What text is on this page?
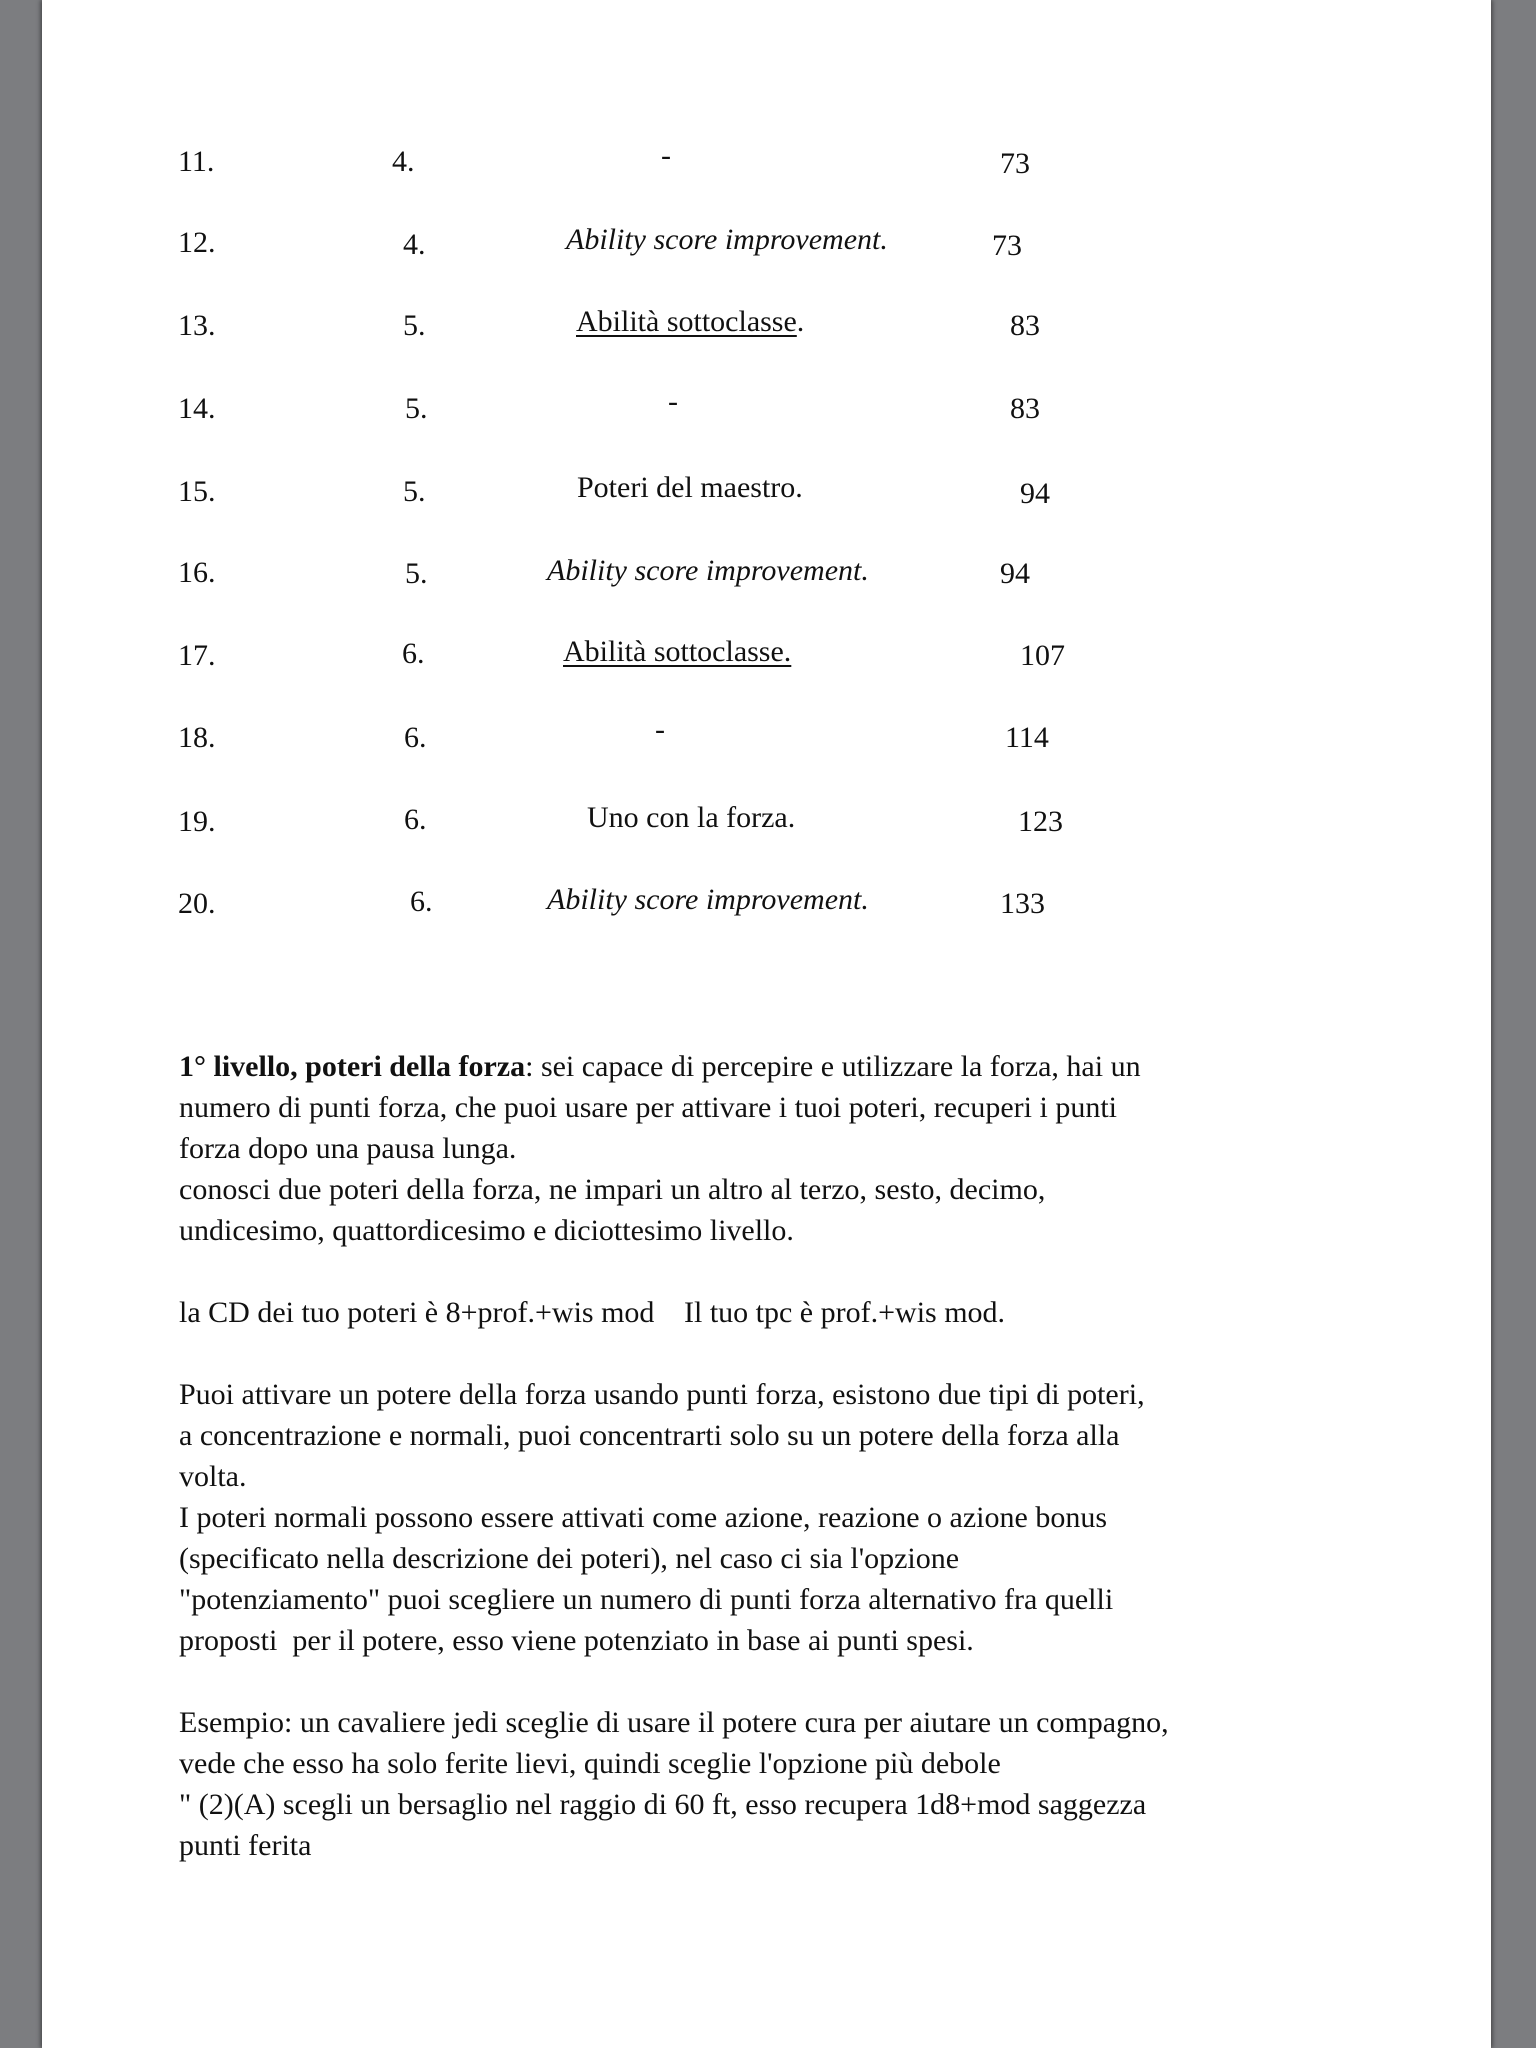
11.	4.	-	73
12.	4.	Ability score improvement.	73
13.	5.	Abilità sottoclasse.	83
14.	5.	-	83
15.	5.	Poteri del maestro.	94
16.	5.	Ability score improvement.	94
17.	6.	Abilità sottoclasse.	107
18.	6.	-	114
19.	6.	Uno con la forza.	123
20.	6.	Ability score improvement.	133

1° livello, poteri della forza: sei capace di percepire e utilizzare la forza, hai un
numero di punti forza, che puoi usare per attivare i tuoi poteri, recuperi i punti
forza dopo una pausa lunga.
conosci due poteri della forza, ne impari un altro al terzo, sesto, decimo,
undicesimo, quattordicesimo e diciottesimo livello.

la CD dei tuo poteri è 8+prof.+wis mod Il tuo tpc è prof.+wis mod.

Puoi attivare un potere della forza usando punti forza, esistono due tipi di poteri,
a concentrazione e normali, puoi concentrarti solo su un potere della forza alla
volta.
I poteri normali possono essere attivati come azione, reazione o azione bonus
(specificato nella descrizione dei poteri), nel caso ci sia l'opzione
"potenziamento" puoi scegliere un numero di punti forza alternativo fra quelli
proposti  per il potere, esso viene potenziato in base ai punti spesi.

Esempio: un cavaliere jedi sceglie di usare il potere cura per aiutare un compagno,
vede che esso ha solo ferite lievi, quindi sceglie l'opzione più debole
" (2)(A) scegli un bersaglio nel raggio di 60 ft, esso recupera 1d8+mod saggezza
punti ferita
